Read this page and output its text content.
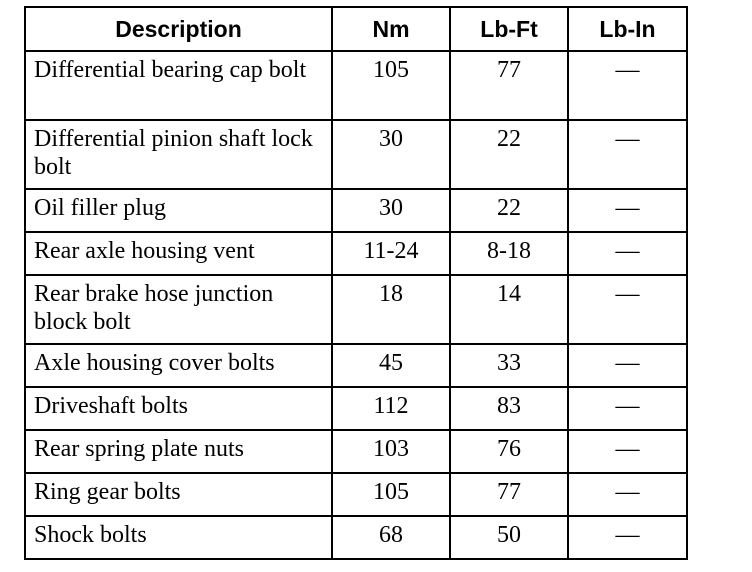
Description	Nm	Lb-Ft	Lb-In
Differential bearing cap bolt	105	77	—
Differential pinion shaft lock bolt	30	22	—
Oil filler plug	30	22	—
Rear axle housing vent	11-24	8-18	—
Rear brake hose junction block bolt	18	14	—
Axle housing cover bolts	45	33	—
Driveshaft bolts	112	83	—
Rear spring plate nuts	103	76	—
Ring gear bolts	105	77	—
Shock bolts	68	50	—
